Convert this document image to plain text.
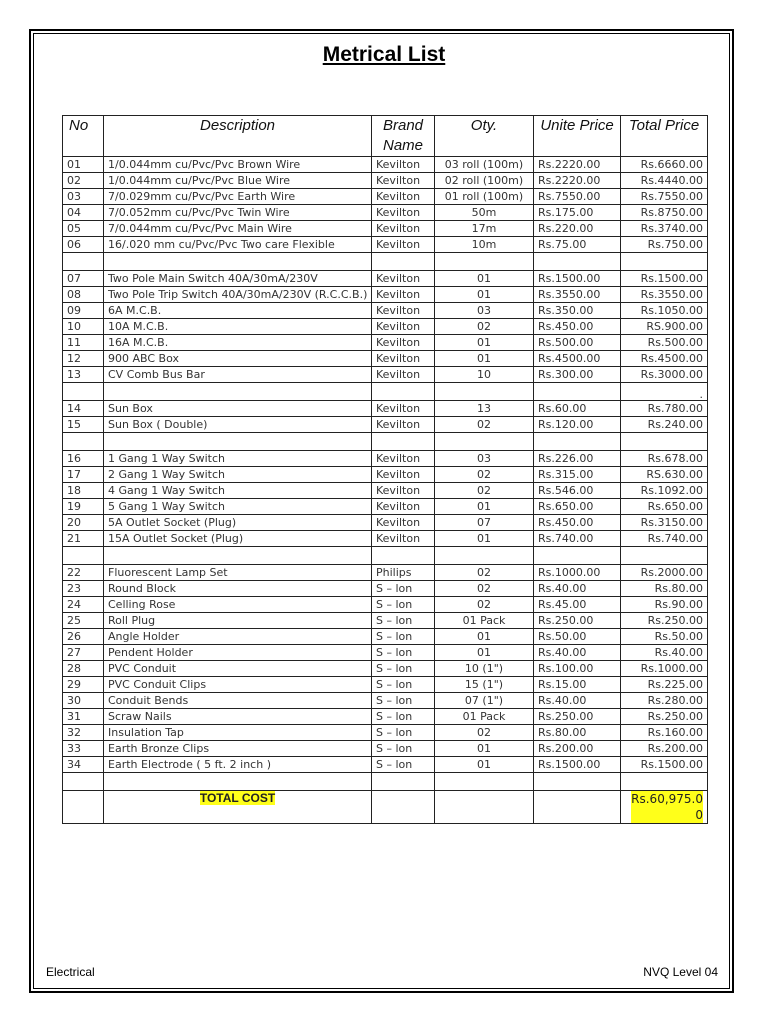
Metrical List
No	Description	Brand Name	Oty.	Unite Price	Total Price
01	1/0.044mm cu/Pvc/Pvc Brown Wire	Kevilton	03 roll (100m)	Rs.2220.00	Rs.6660.00
02	1/0.044mm cu/Pvc/Pvc Blue Wire	Kevilton	02 roll (100m)	Rs.2220.00	Rs.4440.00
03	7/0.029mm cu/Pvc/Pvc Earth Wire	Kevilton	01 roll (100m)	Rs.7550.00	Rs.7550.00
04	7/0.052mm cu/Pvc/Pvc Twin Wire	Kevilton	50m	Rs.175.00	Rs.8750.00
05	7/0.044mm cu/Pvc/Pvc Main Wire	Kevilton	17m	Rs.220.00	Rs.3740.00
06	16/.020 mm cu/Pvc/Pvc Two care Flexible	Kevilton	10m	Rs.75.00	Rs.750.00

07	Two Pole Main Switch 40A/30mA/230V	Kevilton	01	Rs.1500.00	Rs.1500.00
08	Two Pole Trip Switch 40A/30mA/230V (R.C.C.B.)	Kevilton	01	Rs.3550.00	Rs.3550.00
09	6A M.C.B.	Kevilton	03	Rs.350.00	Rs.1050.00
10	10A M.C.B.	Kevilton	02	Rs.450.00	RS.900.00
11	16A M.C.B.	Kevilton	01	Rs.500.00	Rs.500.00
12	900 ABC Box	Kevilton	01	Rs.4500.00	Rs.4500.00
13	CV Comb Bus Bar	Kevilton	10	Rs.300.00	Rs.3000.00
					.
14	Sun Box	Kevilton	13	Rs.60.00	Rs.780.00
15	Sun Box ( Double)	Kevilton	02	Rs.120.00	Rs.240.00

16	1 Gang 1 Way Switch	Kevilton	03	Rs.226.00	Rs.678.00
17	2 Gang 1 Way Switch	Kevilton	02	Rs.315.00	RS.630.00
18	4 Gang 1 Way Switch	Kevilton	02	Rs.546.00	Rs.1092.00
19	5 Gang 1 Way Switch	Kevilton	01	Rs.650.00	Rs.650.00
20	5A Outlet Socket (Plug)	Kevilton	07	Rs.450.00	Rs.3150.00
21	15A Outlet Socket (Plug)	Kevilton	01	Rs.740.00	Rs.740.00

22	Fluorescent Lamp Set	Philips	02	Rs.1000.00	Rs.2000.00
23	Round Block	S – lon	02	Rs.40.00	Rs.80.00
24	Celling Rose	S – lon	02	Rs.45.00	Rs.90.00
25	Roll Plug	S – lon	01 Pack	Rs.250.00	Rs.250.00
26	Angle Holder	S – lon	01	Rs.50.00	Rs.50.00
27	Pendent Holder	S – lon	01	Rs.40.00	Rs.40.00
28	PVC Conduit	S – lon	10 (1")	Rs.100.00	Rs.1000.00
29	PVC Conduit Clips	S – lon	15 (1")	Rs.15.00	Rs.225.00
30	Conduit Bends	S – lon	07 (1")	Rs.40.00	Rs.280.00
31	Scraw Nails	S – lon	01 Pack	Rs.250.00	Rs.250.00
32	Insulation Tap	S – lon	02	Rs.80.00	Rs.160.00
33	Earth Bronze Clips	S – lon	01	Rs.200.00	Rs.200.00
34	Earth Electrode ( 5 ft. 2 inch )	S – lon	01	Rs.1500.00	Rs.1500.00

	TOTAL COST				Rs.60,975.00
Electrical	NVQ Level 04
